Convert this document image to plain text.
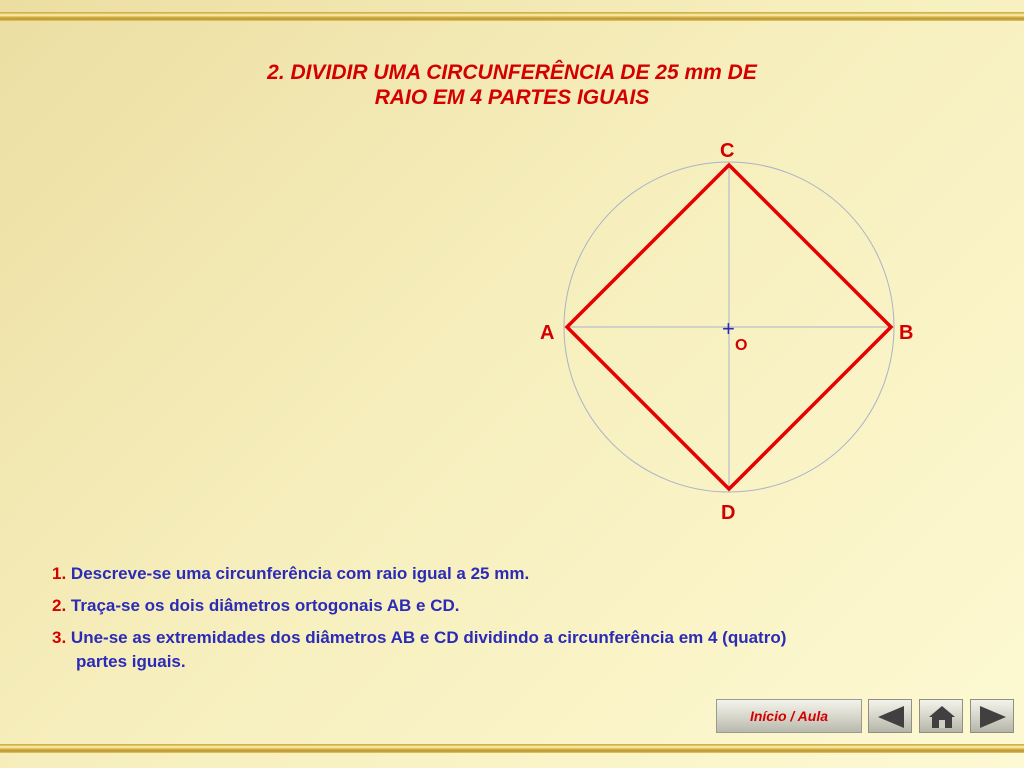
2. DIVIDIR UMA CIRCUNFERÊNCIA DE 25 mm DE
RAIO EM 4 PARTES IGUAIS
+
O
C
D
A	B
1. Descreve-se uma circunferência com raio igual a 25 mm.
2. Traça-se os dois diâmetros ortogonais AB e CD.
3. Une-se as extremidades dos diâmetros AB e CD dividindo a circunferência em 4 (quatro)
partes iguais.
Início / Aula
